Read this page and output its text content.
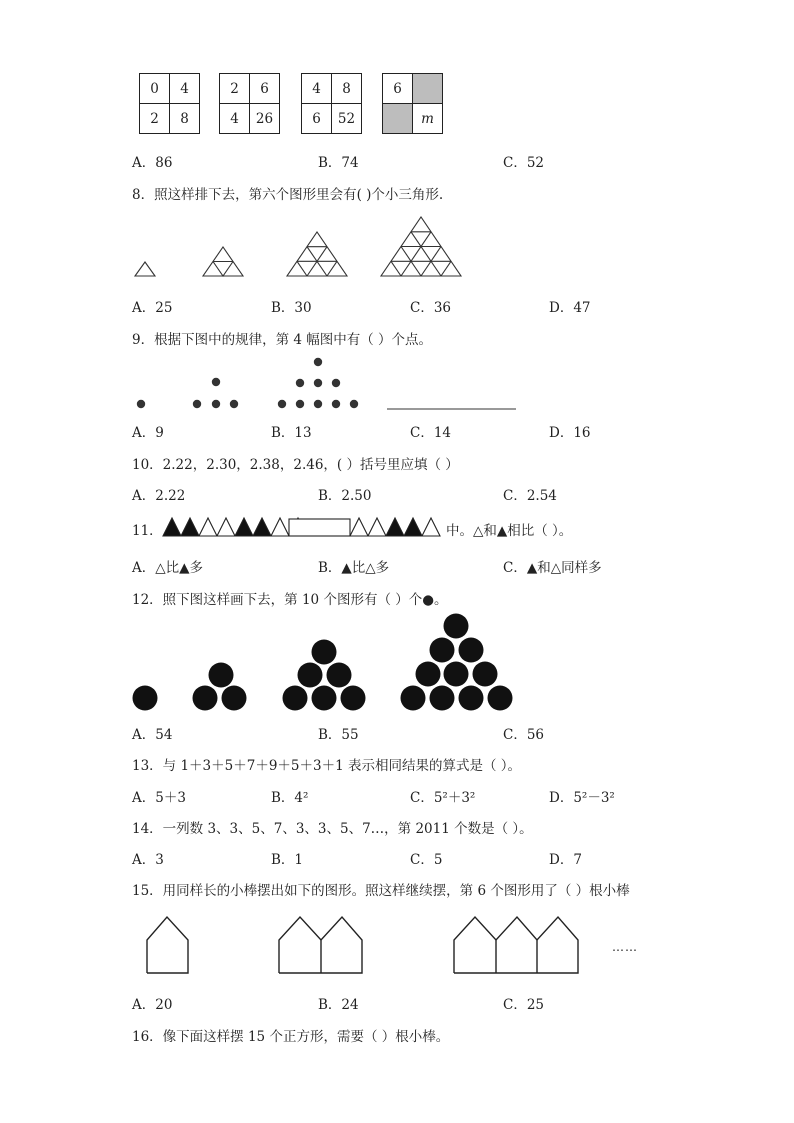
0	4
2	8
2	6
4	26
4	8
6	52
6	
	m
A．86	B．74	C．52
8．照这样排下去，第六个图形里会有( )个小三角形.
A．25	B．30	C．36	D．47
9．根据下图中的规律，第 4 幅图中有（ ）个点。
A．9	B．13	C．14	D．16
10．2.22，2.30，2.38，2.46，( ）括号里应填（ ）
A．2.22	B．2.50	C．2.54
11．	中。△和▲相比（ ）。
A．△比▲多	B．▲比△多	C．▲和△同样多
12．照下图这样画下去，第 10 个图形有（ ）个●。
A．54	B．55	C．56
13．与 1＋3＋5＋7＋9＋5＋3＋1 表示相同结果的算式是（ ）。
A．5＋3	B．4²	C．5²＋3²	D．5²－3²
14．一列数 3、3、5、7、3、3、5、7…，第 2011 个数是（ ）。
A．3	B．1	C．5	D．7
15．用同样长的小棒摆出如下的图形。照这样继续摆，第 6 个图形用了（ ）根小棒
……
A．20	B．24	C．25
16．像下面这样摆 15 个正方形，需要（ ）根小棒。
